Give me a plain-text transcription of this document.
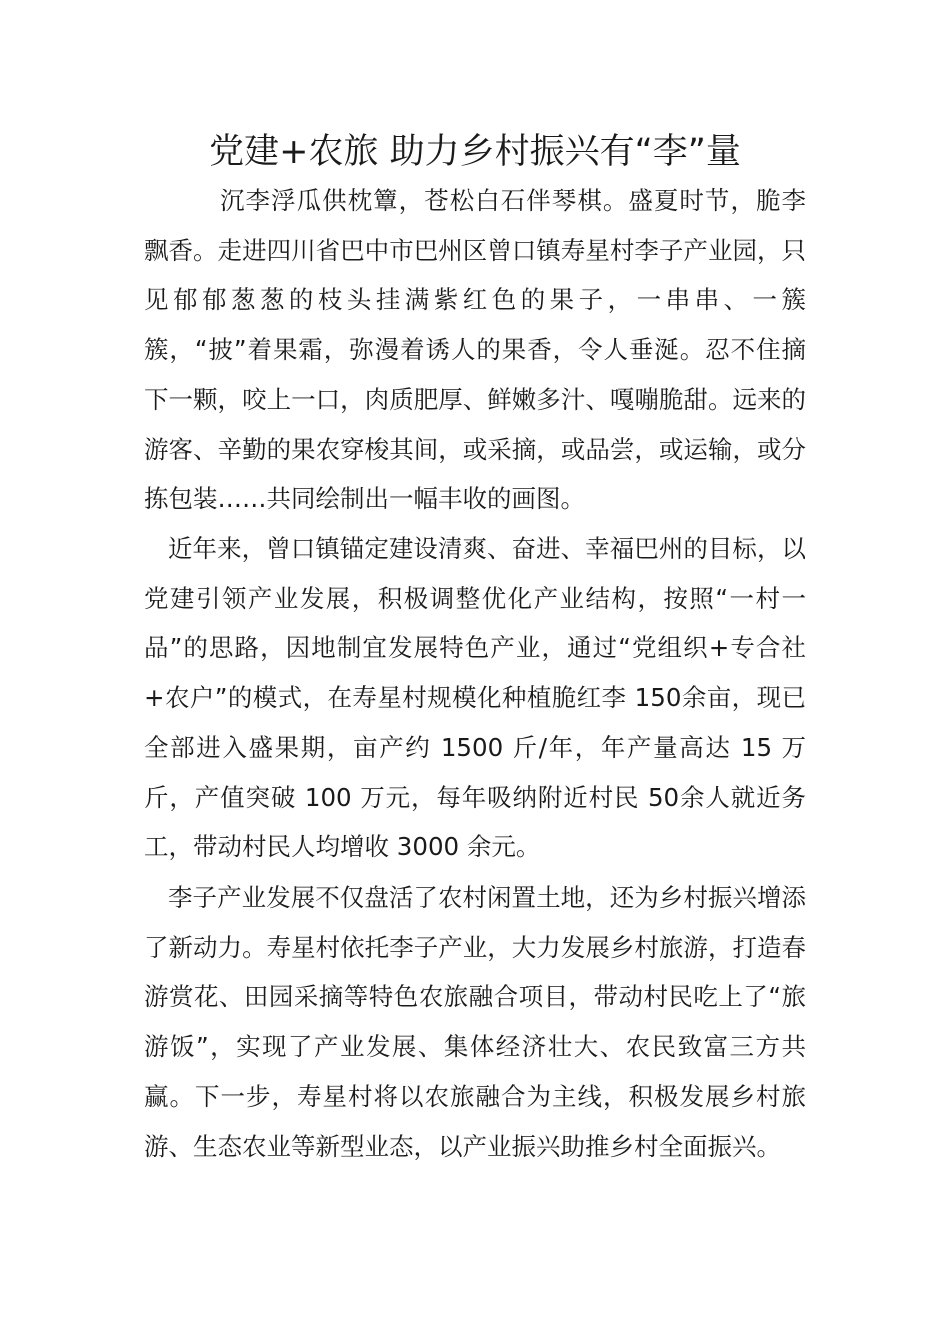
党建+农旅 助力乡村振兴有“李”量

沉李浮瓜供枕簟，苍松白石伴琴棋。盛夏时节，脆李飘香。走进四川省巴中市巴州区曾口镇寿星村李子产业园，只见郁郁葱葱的枝头挂满紫红色的果子，一串串、一簇簇，“披”着果霜，弥漫着诱人的果香，令人垂涎。忍不住摘下一颗，咬上一口，肉质肥厚、鲜嫩多汁、嘎嘣脆甜。远来的游客、辛勤的果农穿梭其间，或采摘，或品尝，或运输，或分拣包装……共同绘制出一幅丰收的画图。

近年来，曾口镇锚定建设清爽、奋进、幸福巴州的目标，以党建引领产业发展，积极调整优化产业结构，按照“一村一品”的思路，因地制宜发展特色产业，通过“党组织+专合社+农户”的模式，在寿星村规模化种植脆红李 150余亩，现已全部进入盛果期，亩产约 1500 斤/年，年产量高达 15 万斤，产值突破 100 万元，每年吸纳附近村民 50余人就近务工，带动村民人均增收 3000 余元。

李子产业发展不仅盘活了农村闲置土地，还为乡村振兴增添了新动力。寿星村依托李子产业，大力发展乡村旅游，打造春游赏花、田园采摘等特色农旅融合项目，带动村民吃上了“旅游饭”，实现了产业发展、集体经济壮大、农民致富三方共赢。下一步，寿星村将以农旅融合为主线，积极发展乡村旅游、生态农业等新型业态，以产业振兴助推乡村全面振兴。
